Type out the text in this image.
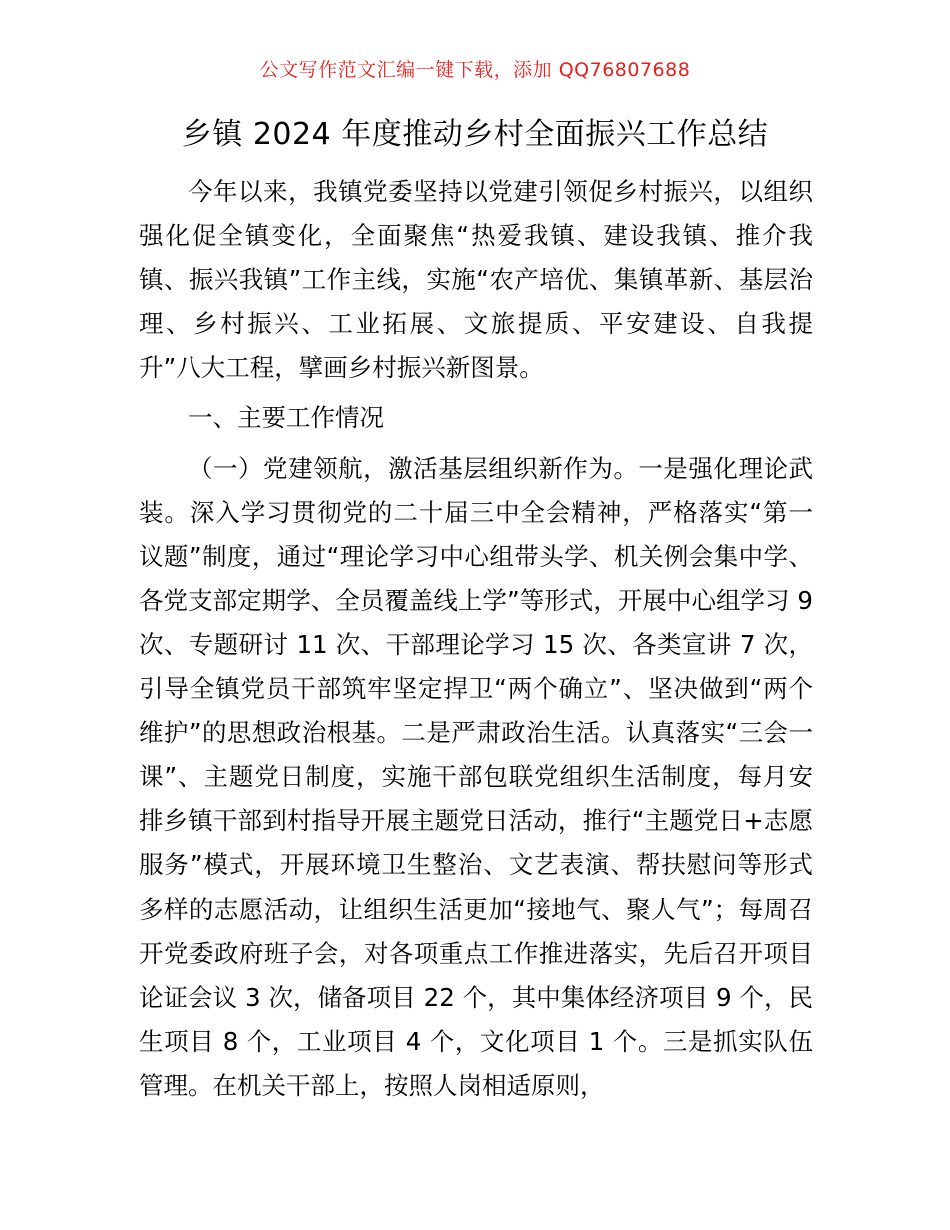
公文写作范文汇编一键下载，添加 QQ76807688
乡镇 2024 年度推动乡村全面振兴工作总结

今年以来，我镇党委坚持以党建引领促乡村振兴，以组织强化促全镇变化，全面聚焦“热爱我镇、建设我镇、推介我镇、振兴我镇”工作主线，实施“农产培优、集镇革新、基层治理、乡村振兴、工业拓展、文旅提质、平安建设、自我提升”八大工程，擘画乡村振兴新图景。

一、主要工作情况

（一）党建领航，激活基层组织新作为。一是强化理论武装。深入学习贯彻党的二十届三中全会精神，严格落实“第一议题”制度，通过“理论学习中心组带头学、机关例会集中学、各党支部定期学、全员覆盖线上学”等形式，开展中心组学习 9 次、专题研讨 11 次、干部理论学习 15 次、各类宣讲 7 次，引导全镇党员干部筑牢坚定捍卫“两个确立”、坚决做到“两个维护”的思想政治根基。二是严肃政治生活。认真落实“三会一课”、主题党日制度，实施干部包联党组织生活制度，每月安排乡镇干部到村指导开展主题党日活动，推行“主题党日+志愿服务”模式，开展环境卫生整治、文艺表演、帮扶慰问等形式多样的志愿活动，让组织生活更加“接地气、聚人气”；每周召开党委政府班子会，对各项重点工作推进落实，先后召开项目论证会议 3 次，储备项目 22 个，其中集体经济项目 9 个，民生项目 8 个，工业项目 4 个，文化项目 1 个。三是抓实队伍管理。在机关干部上，按照人岗相适原则，
